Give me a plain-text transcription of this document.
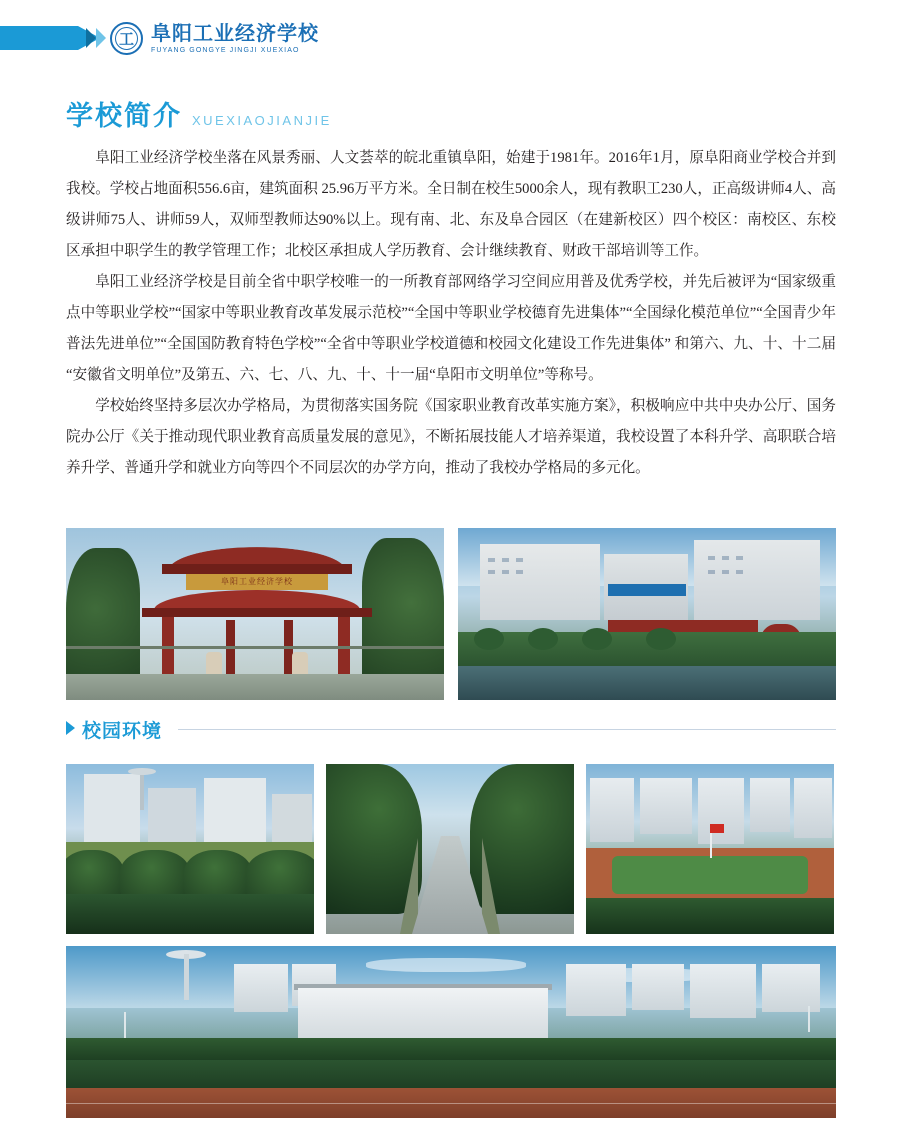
工 阜阳工业经济学校
FUYANG GONGYE JINGJI XUEXIAO
学校简介 XUEXIAOJIANJIE

阜阳工业经济学校坐落在风景秀丽、人文荟萃的皖北重镇阜阳，始建于1981年。2016年1月，原阜阳商业学校合并到我校。学校占地面积556.6亩，建筑面积 25.96万平方米。全日制在校生5000余人，现有教职工230人，正高级讲师4人、高级讲师75人、讲师59人，双师型教师达90%以上。现有南、北、东及阜合园区（在建新校区）四个校区：南校区、东校区承担中职学生的教学管理工作；北校区承担成人学历教育、会计继续教育、财政干部培训等工作。

阜阳工业经济学校是目前全省中职学校唯一的一所教育部网络学习空间应用普及优秀学校，并先后被评为“国家级重点中等职业学校”“国家中等职业教育改革发展示范校”“全国中等职业学校德育先进集体”“全国绿化模范单位”“全国青少年普法先进单位”“全国国防教育特色学校”“全省中等职业学校道德和校园文化建设工作先进集体” 和第六、九、十、十二届“安徽省文明单位”及第五、六、七、八、九、十、十一届“阜阳市文明单位”等称号。

学校始终坚持多层次办学格局，为贯彻落实国务院《国家职业教育改革实施方案》，积极响应中共中央办公厅、国务院办公厅《关于推动现代职业教育高质量发展的意见》，不断拓展技能人才培养渠道，我校设置了本科升学、高职联合培养升学、普通升学和就业方向等四个不同层次的办学方向，推动了我校办学格局的多元化。

阜阳工业经济学校
校园环境
